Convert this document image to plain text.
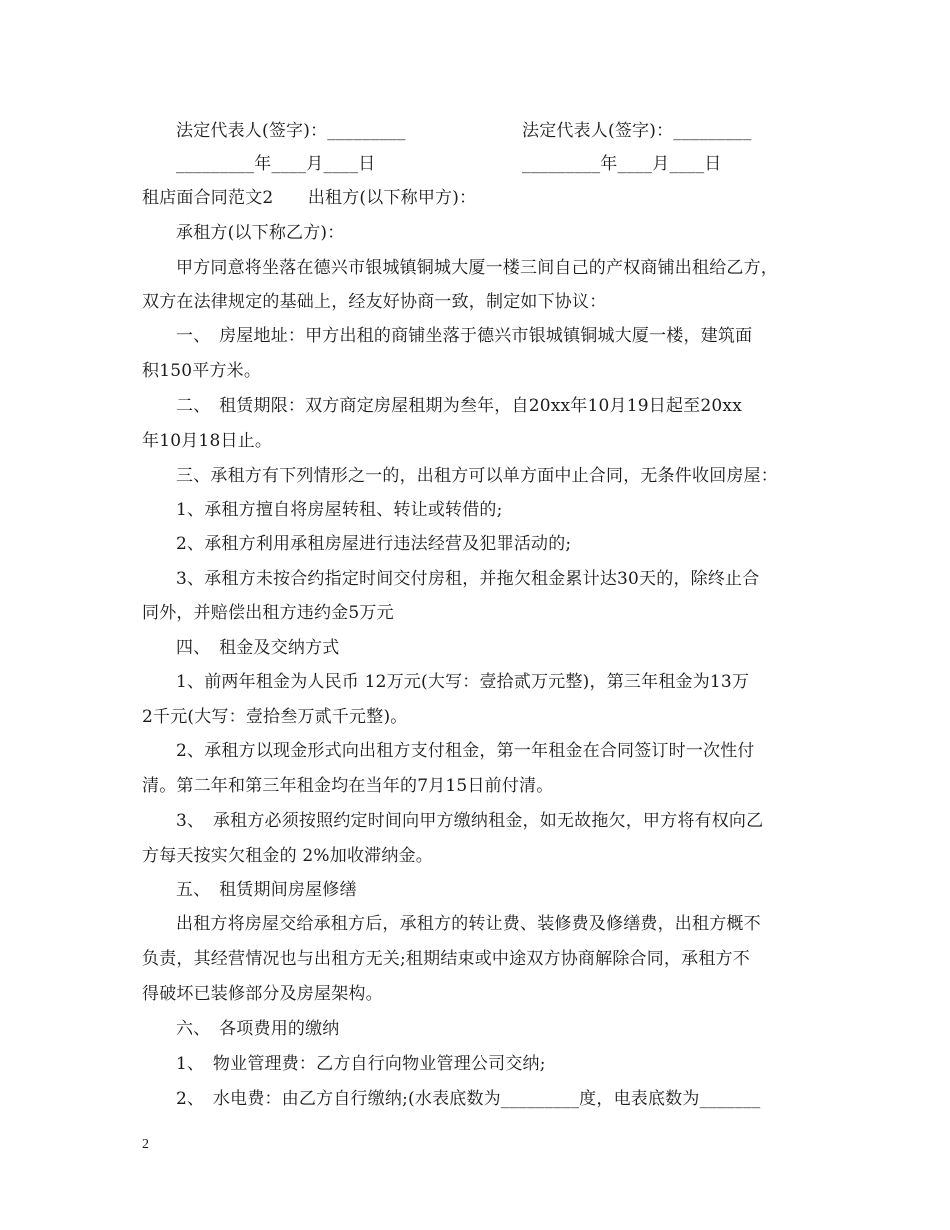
法定代表人(签字)：_________	法定代表人(签字)：_________
_________年____月____日	_________年____月____日
租店面合同范文2　　出租方(以下称甲方)：
承租方(以下称乙方)：
甲方同意将坐落在德兴市银城镇铜城大厦一楼三间自己的产权商铺出租给乙方，
双方在法律规定的基础上，经友好协商一致，制定如下协议：
一、　房屋地址：甲方出租的商铺坐落于德兴市银城镇铜城大厦一楼，建筑面
积150平方米。
二、　租赁期限：双方商定房屋租期为叁年，自20xx年10月19日起至20xx
年10月18日止。
三、承租方有下列情形之一的，出租方可以单方面中止合同，无条件收回房屋：
1、承租方擅自将房屋转租、转让或转借的;
2、承租方利用承租房屋进行违法经营及犯罪活动的;
3、承租方未按合约指定时间交付房租，并拖欠租金累计达30天的，除终止合
同外，并赔偿出租方违约金5万元
四、　租金及交纳方式
1、前两年租金为人民币 12万元(大写：壹拾贰万元整)，第三年租金为13万
2千元(大写：壹拾叁万贰千元整)。
2、承租方以现金形式向出租方支付租金，第一年租金在合同签订时一次性付
清。第二年和第三年租金均在当年的7月15日前付清。
3、　承租方必须按照约定时间向甲方缴纳租金，如无故拖欠，甲方将有权向乙
方每天按实欠租金的 2%加收滞纳金。
五、　租赁期间房屋修缮
出租方将房屋交给承租方后，承租方的转让费、装修费及修缮费，出租方概不
负责，其经营情况也与出租方无关;租期结束或中途双方协商解除合同，承租方不
得破坏已装修部分及房屋架构。
六、　各项费用的缴纳
1、　物业管理费：乙方自行向物业管理公司交纳;
2、　水电费：由乙方自行缴纳;(水表底数为_________度，电表底数为_______
2
